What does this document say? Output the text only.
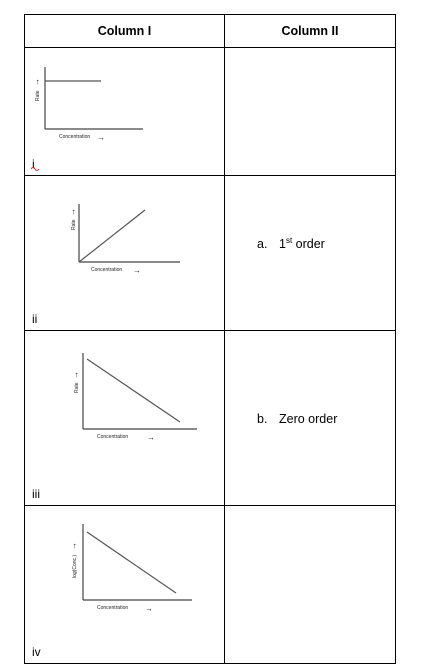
Column I	Column II

Rate
→
Concentration →
i	

Rate
→
Concentration →
ii	a. 1st order

Rate
→
Concentration →
iii	b. Zero order

log(Conc.)
→
Concentration →
iv	
